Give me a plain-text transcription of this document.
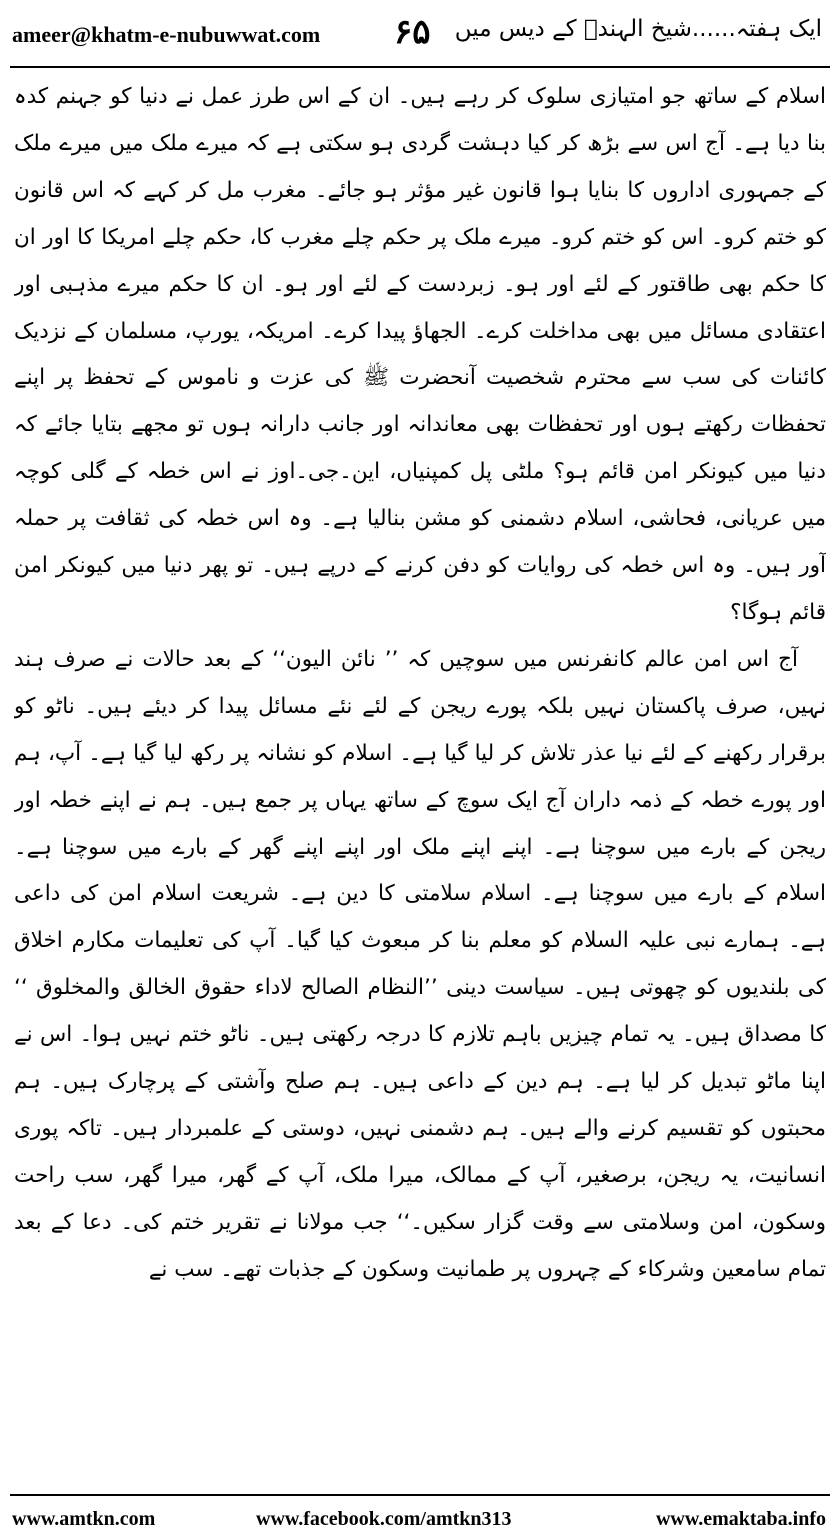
ameer@khatm-e-nubuwwat.com ۶۵ ایک ہفتہ......شیخ الہندؒ کے دیس میں

اسلام کے ساتھ جو امتیازی سلوک کر رہے ہیں۔ ان کے اس طرز عمل نے دنیا کو جہنم کدہ بنا دیا ہے۔ آج اس سے بڑھ کر کیا دہشت گردی ہو سکتی ہے کہ میرے ملک میں میرے ملک کے جمہوری اداروں کا بنایا ہوا قانون غیر مؤثر ہو جائے۔ مغرب مل کر کہے کہ اس قانون کو ختم کرو۔ اس کو ختم کرو۔ میرے ملک پر حکم چلے مغرب کا، حکم چلے امریکا کا اور ان کا حکم بھی طاقتور کے لئے اور ہو۔ زبردست کے لئے اور ہو۔ ان کا حکم میرے مذہبی اور اعتقادی مسائل میں بھی مداخلت کرے۔ الجھاؤ پیدا کرے۔ امریکہ، یورپ، مسلمان کے نزدیک کائنات کی سب سے محترم شخصیت آنحضرت ﷺ کی عزت و ناموس کے تحفظ پر اپنے تحفظات رکھتے ہوں اور تحفظات بھی معاندانہ اور جانب دارانہ ہوں تو مجھے بتایا جائے کہ دنیا میں کیونکر امن قائم ہو؟ ملٹی پل کمپنیاں، این۔جی۔اوز نے اس خطہ کے گلی کوچہ میں عریانی، فحاشی، اسلام دشمنی کو مشن بنالیا ہے۔ وہ اس خطہ کی ثقافت پر حملہ آور ہیں۔ وہ اس خطہ کی روایات کو دفن کرنے کے درپے ہیں۔ تو پھر دنیا میں کیونکر امن قائم ہوگا؟

آج اس امن عالم کانفرنس میں سوچیں کہ ’’ نائن الیون‘‘ کے بعد حالات نے صرف ہند نہیں، صرف پاکستان نہیں بلکہ پورے ریجن کے لئے نئے مسائل پیدا کر دیئے ہیں۔ ناٹو کو برقرار رکھنے کے لئے نیا عذر تلاش کر لیا گیا ہے۔ اسلام کو نشانہ پر رکھ لیا گیا ہے۔ آپ، ہم اور پورے خطہ کے ذمہ داران آج ایک سوچ کے ساتھ یہاں پر جمع ہیں۔ ہم نے اپنے خطہ اور ریجن کے بارے میں سوچنا ہے۔ اپنے اپنے ملک اور اپنے اپنے گھر کے بارے میں سوچنا ہے۔ اسلام کے بارے میں سوچنا ہے۔ اسلام سلامتی کا دین ہے۔ شریعت اسلام امن کی داعی ہے۔ ہمارے نبی علیہ السلام کو معلم بنا کر مبعوث کیا گیا۔ آپ کی تعلیمات مکارم اخلاق کی بلندیوں کو چھوتی ہیں۔ سیاست دینی ’’النظام الصالح لاداء حقوق الخالق والمخلوق ‘‘ کا مصداق ہیں۔ یہ تمام چیزیں باہم تلازم کا درجہ رکھتی ہیں۔ ناٹو ختم نہیں ہوا۔ اس نے اپنا ماٹو تبدیل کر لیا ہے۔ ہم دین کے داعی ہیں۔ ہم صلح وآشتی کے پرچارک ہیں۔ ہم محبتوں کو تقسیم کرنے والے ہیں۔ ہم دشمنی نہیں، دوستی کے علمبردار ہیں۔ تاکہ پوری انسانیت، یہ ریجن، برصغیر، آپ کے ممالک، میرا ملک، آپ کے گھر، میرا گھر، سب راحت وسکون، امن وسلامتی سے وقت گزار سکیں۔‘‘ جب مولانا نے تقریر ختم کی۔ دعا کے بعد تمام سامعین وشرکاء کے چہروں پر طمانیت وسکون کے جذبات تھے۔ سب نے

www.amtkn.com	www.facebook.com/amtkn313	www.emaktaba.info
